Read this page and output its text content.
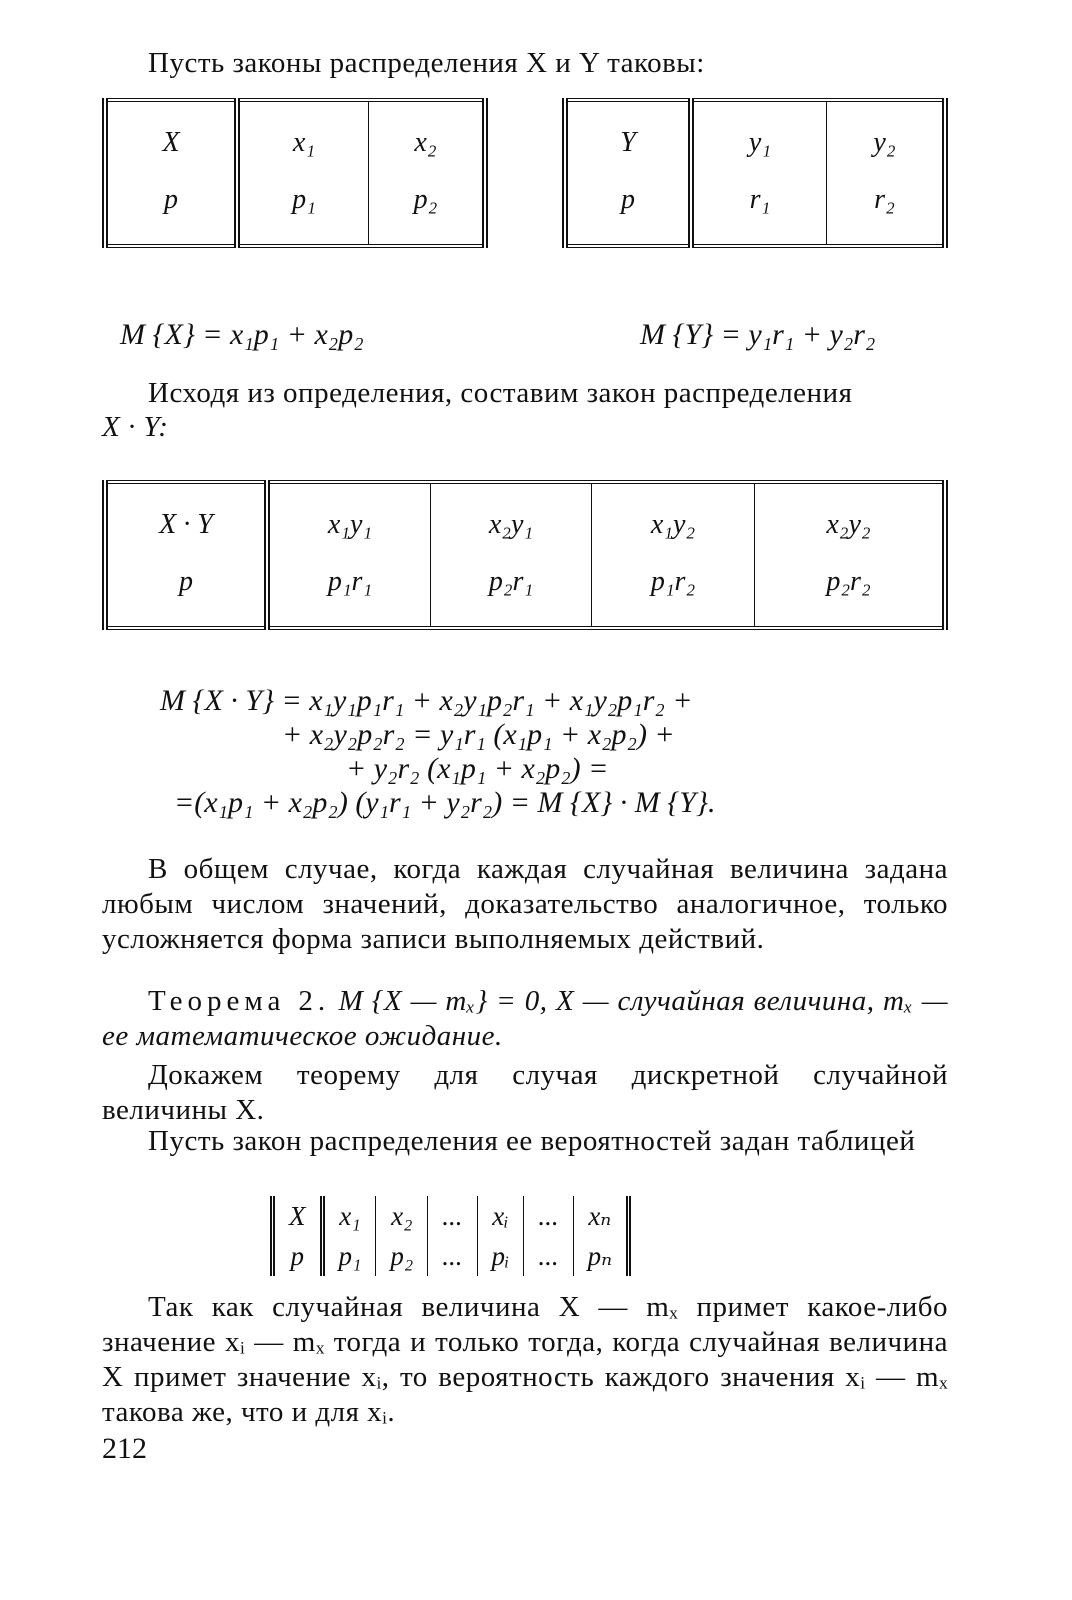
Пусть законы распределения X и Y таковы:
X	x₁	x₂
p	p₁	p₂
Y	y₁	y₂
p	r₁	r₂
M {X} = x₁p₁ + x₂p₂	M {Y} = y₁r₁ + y₂r₂
Исходя из определения, составим закон распределения
X · Y:
X · Y	x₁y₁	x₂y₁	x₁y₂	x₂y₂
p	p₁r₁	p₂r₁	p₁r₂	p₂r₂
M {X · Y} = x₁y₁p₁r₁ + x₂y₁p₂r₁ + x₁y₂p₁r₂ +
+ x₂y₂p₂r₂ = y₁r₁ (x₁p₁ + x₂p₂) +
+ y₂r₂ (x₁p₁ + x₂p₂) =
=(x₁p₁ + x₂p₂) (y₁r₁ + y₂r₂) = M {X} · M {Y}.
В общем случае, когда каждая случайная величина задана любым числом значений, доказательство аналогичное, только усложняется форма записи выполняемых действий.
Теорема 2. M {X — mₓ} = 0, X — случайная величина, mₓ — ее математическое ожидание.
Докажем теорему для случая дискретной случайной величины X.
Пусть закон распределения ее вероятностей задан таблицей
X	x₁	x₂	...	xᵢ	...	xₙ
p	p₁	p₂	...	pᵢ	...	pₙ
Так как случайная величина X — mₓ примет какое-либо значение xᵢ — mₓ тогда и только тогда, когда случайная величина X примет значение xᵢ, то вероятность каждого значения xᵢ — mₓ такова же, что и для xᵢ.
212
